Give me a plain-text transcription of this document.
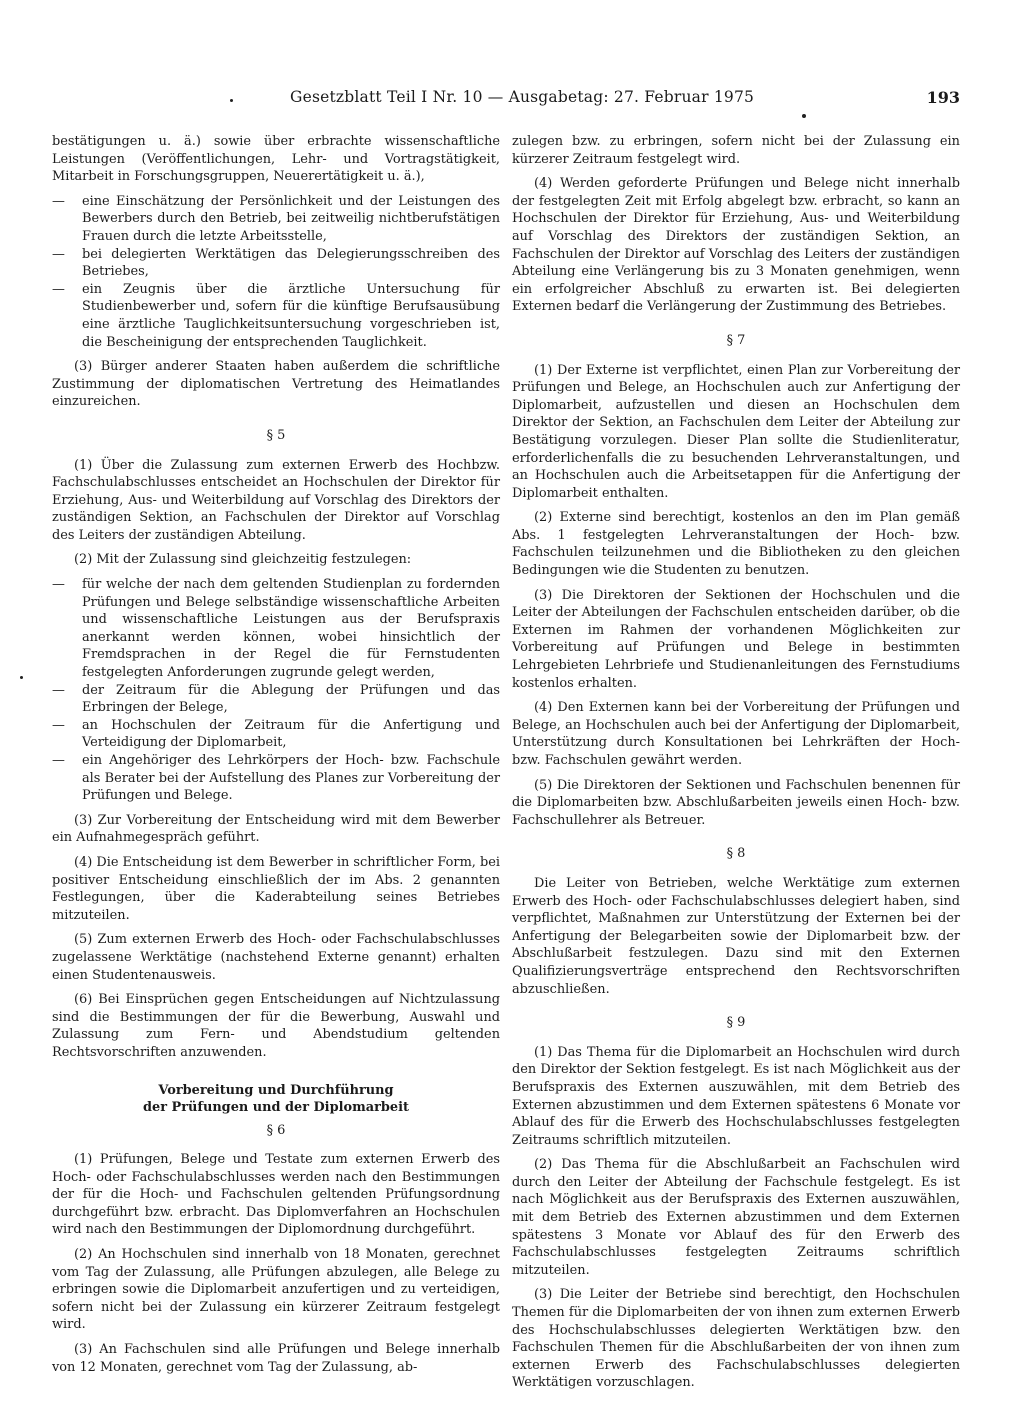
Gesetzblatt Teil I Nr. 10 — Ausgabetag: 27. Februar 1975	193

bestätigungen u. ä.) sowie über erbrachte wissenschaftliche Leistungen (Veröffentlichungen, Lehr- und Vortragstätigkeit, Mitarbeit in Forschungsgruppen, Neuerertätigkeit u. ä.),

— eine Einschätzung der Persönlichkeit und der Leistungen des Bewerbers durch den Betrieb, bei zeitweilig nichtberufstätigen Frauen durch die letzte Arbeitsstelle,
— bei delegierten Werktätigen das Delegierungsschreiben des Betriebes,
— ein Zeugnis über die ärztliche Untersuchung für Studienbewerber und, sofern für die künftige Berufsausübung eine ärztliche Tauglichkeitsuntersuchung vorgeschrieben ist, die Bescheinigung der entsprechenden Tauglichkeit.

(3) Bürger anderer Staaten haben außerdem die schriftliche Zustimmung der diplomatischen Vertretung des Heimatlandes einzureichen.

§ 5

(1) Über die Zulassung zum externen Erwerb des Hochbzw. Fachschulabschlusses entscheidet an Hochschulen der Direktor für Erziehung, Aus- und Weiterbildung auf Vorschlag des Direktors der zuständigen Sektion, an Fachschulen der Direktor auf Vorschlag des Leiters der zuständigen Abteilung.

(2) Mit der Zulassung sind gleichzeitig festzulegen:

— für welche der nach dem geltenden Studienplan zu fordernden Prüfungen und Belege selbständige wissenschaftliche Arbeiten und wissenschaftliche Leistungen aus der Berufspraxis anerkannt werden können, wobei hinsichtlich der Fremdsprachen in der Regel die für Fernstudenten festgelegten Anforderungen zugrunde gelegt werden,
— der Zeitraum für die Ablegung der Prüfungen und das Erbringen der Belege,
— an Hochschulen der Zeitraum für die Anfertigung und Verteidigung der Diplomarbeit,
— ein Angehöriger des Lehrkörpers der Hoch- bzw. Fachschule als Berater bei der Aufstellung des Planes zur Vorbereitung der Prüfungen und Belege.

(3) Zur Vorbereitung der Entscheidung wird mit dem Bewerber ein Aufnahmegespräch geführt.

(4) Die Entscheidung ist dem Bewerber in schriftlicher Form, bei positiver Entscheidung einschließlich der im Abs. 2 genannten Festlegungen, über die Kaderabteilung seines Betriebes mitzuteilen.

(5) Zum externen Erwerb des Hoch- oder Fachschulabschlusses zugelassene Werktätige (nachstehend Externe genannt) erhalten einen Studentenausweis.

(6) Bei Einsprüchen gegen Entscheidungen auf Nichtzulassung sind die Bestimmungen der für die Bewerbung, Auswahl und Zulassung zum Fern- und Abendstudium geltenden Rechtsvorschriften anzuwenden.

Vorbereitung und Durchführung
der Prüfungen und der Diplomarbeit
§ 6

(1) Prüfungen, Belege und Testate zum externen Erwerb des Hoch- oder Fachschulabschlusses werden nach den Bestimmungen der für die Hoch- und Fachschulen geltenden Prüfungsordnung durchgeführt bzw. erbracht. Das Diplomverfahren an Hochschulen wird nach den Bestimmungen der Diplomordnung durchgeführt.

(2) An Hochschulen sind innerhalb von 18 Monaten, gerechnet vom Tag der Zulassung, alle Prüfungen abzulegen, alle Belege zu erbringen sowie die Diplomarbeit anzufertigen und zu verteidigen, sofern nicht bei der Zulassung ein kürzerer Zeitraum festgelegt wird.

(3) An Fachschulen sind alle Prüfungen und Belege innerhalb von 12 Monaten, gerechnet vom Tag der Zulassung, ab-

zulegen bzw. zu erbringen, sofern nicht bei der Zulassung ein kürzerer Zeitraum festgelegt wird.

(4) Werden geforderte Prüfungen und Belege nicht innerhalb der festgelegten Zeit mit Erfolg abgelegt bzw. erbracht, so kann an Hochschulen der Direktor für Erziehung, Aus- und Weiterbildung auf Vorschlag des Direktors der zuständigen Sektion, an Fachschulen der Direktor auf Vorschlag des Leiters der zuständigen Abteilung eine Verlängerung bis zu 3 Monaten genehmigen, wenn ein erfolgreicher Abschluß zu erwarten ist. Bei delegierten Externen bedarf die Verlängerung der Zustimmung des Betriebes.

§ 7

(1) Der Externe ist verpflichtet, einen Plan zur Vorbereitung der Prüfungen und Belege, an Hochschulen auch zur Anfertigung der Diplomarbeit, aufzustellen und diesen an Hochschulen dem Direktor der Sektion, an Fachschulen dem Leiter der Abteilung zur Bestätigung vorzulegen. Dieser Plan sollte die Studienliteratur, erforderlichenfalls die zu besuchenden Lehrveranstaltungen, und an Hochschulen auch die Arbeitsetappen für die Anfertigung der Diplomarbeit enthalten.

(2) Externe sind berechtigt, kostenlos an den im Plan gemäß Abs. 1 festgelegten Lehrveranstaltungen der Hoch- bzw. Fachschulen teilzunehmen und die Bibliotheken zu den gleichen Bedingungen wie die Studenten zu benutzen.

(3) Die Direktoren der Sektionen der Hochschulen und die Leiter der Abteilungen der Fachschulen entscheiden darüber, ob die Externen im Rahmen der vorhandenen Möglichkeiten zur Vorbereitung auf Prüfungen und Belege in bestimmten Lehrgebieten Lehrbriefe und Studienanleitungen des Fernstudiums kostenlos erhalten.

(4) Den Externen kann bei der Vorbereitung der Prüfungen und Belege, an Hochschulen auch bei der Anfertigung der Diplomarbeit, Unterstützung durch Konsultationen bei Lehrkräften der Hoch- bzw. Fachschulen gewährt werden.

(5) Die Direktoren der Sektionen und Fachschulen benennen für die Diplomarbeiten bzw. Abschlußarbeiten jeweils einen Hoch- bzw. Fachschullehrer als Betreuer.

§ 8

Die Leiter von Betrieben, welche Werktätige zum externen Erwerb des Hoch- oder Fachschulabschlusses delegiert haben, sind verpflichtet, Maßnahmen zur Unterstützung der Externen bei der Anfertigung der Belegarbeiten sowie der Diplomarbeit bzw. der Abschlußarbeit festzulegen. Dazu sind mit den Externen Qualifizierungsverträge entsprechend den Rechtsvorschriften abzuschließen.

§ 9

(1) Das Thema für die Diplomarbeit an Hochschulen wird durch den Direktor der Sektion festgelegt. Es ist nach Möglichkeit aus der Berufspraxis des Externen auszuwählen, mit dem Betrieb des Externen abzustimmen und dem Externen spätestens 6 Monate vor Ablauf des für die Erwerb des Hochschulabschlusses festgelegten Zeitraums schriftlich mitzuteilen.

(2) Das Thema für die Abschlußarbeit an Fachschulen wird durch den Leiter der Abteilung der Fachschule festgelegt. Es ist nach Möglichkeit aus der Berufspraxis des Externen auszuwählen, mit dem Betrieb des Externen abzustimmen und dem Externen spätestens 3 Monate vor Ablauf des für den Erwerb des Fachschulabschlusses festgelegten Zeitraums schriftlich mitzuteilen.

(3) Die Leiter der Betriebe sind berechtigt, den Hochschulen Themen für die Diplomarbeiten der von ihnen zum externen Erwerb des Hochschulabschlusses delegierten Werktätigen bzw. den Fachschulen Themen für die Abschlußarbeiten der von ihnen zum externen Erwerb des Fachschulabschlusses delegierten Werktätigen vorzuschlagen.
